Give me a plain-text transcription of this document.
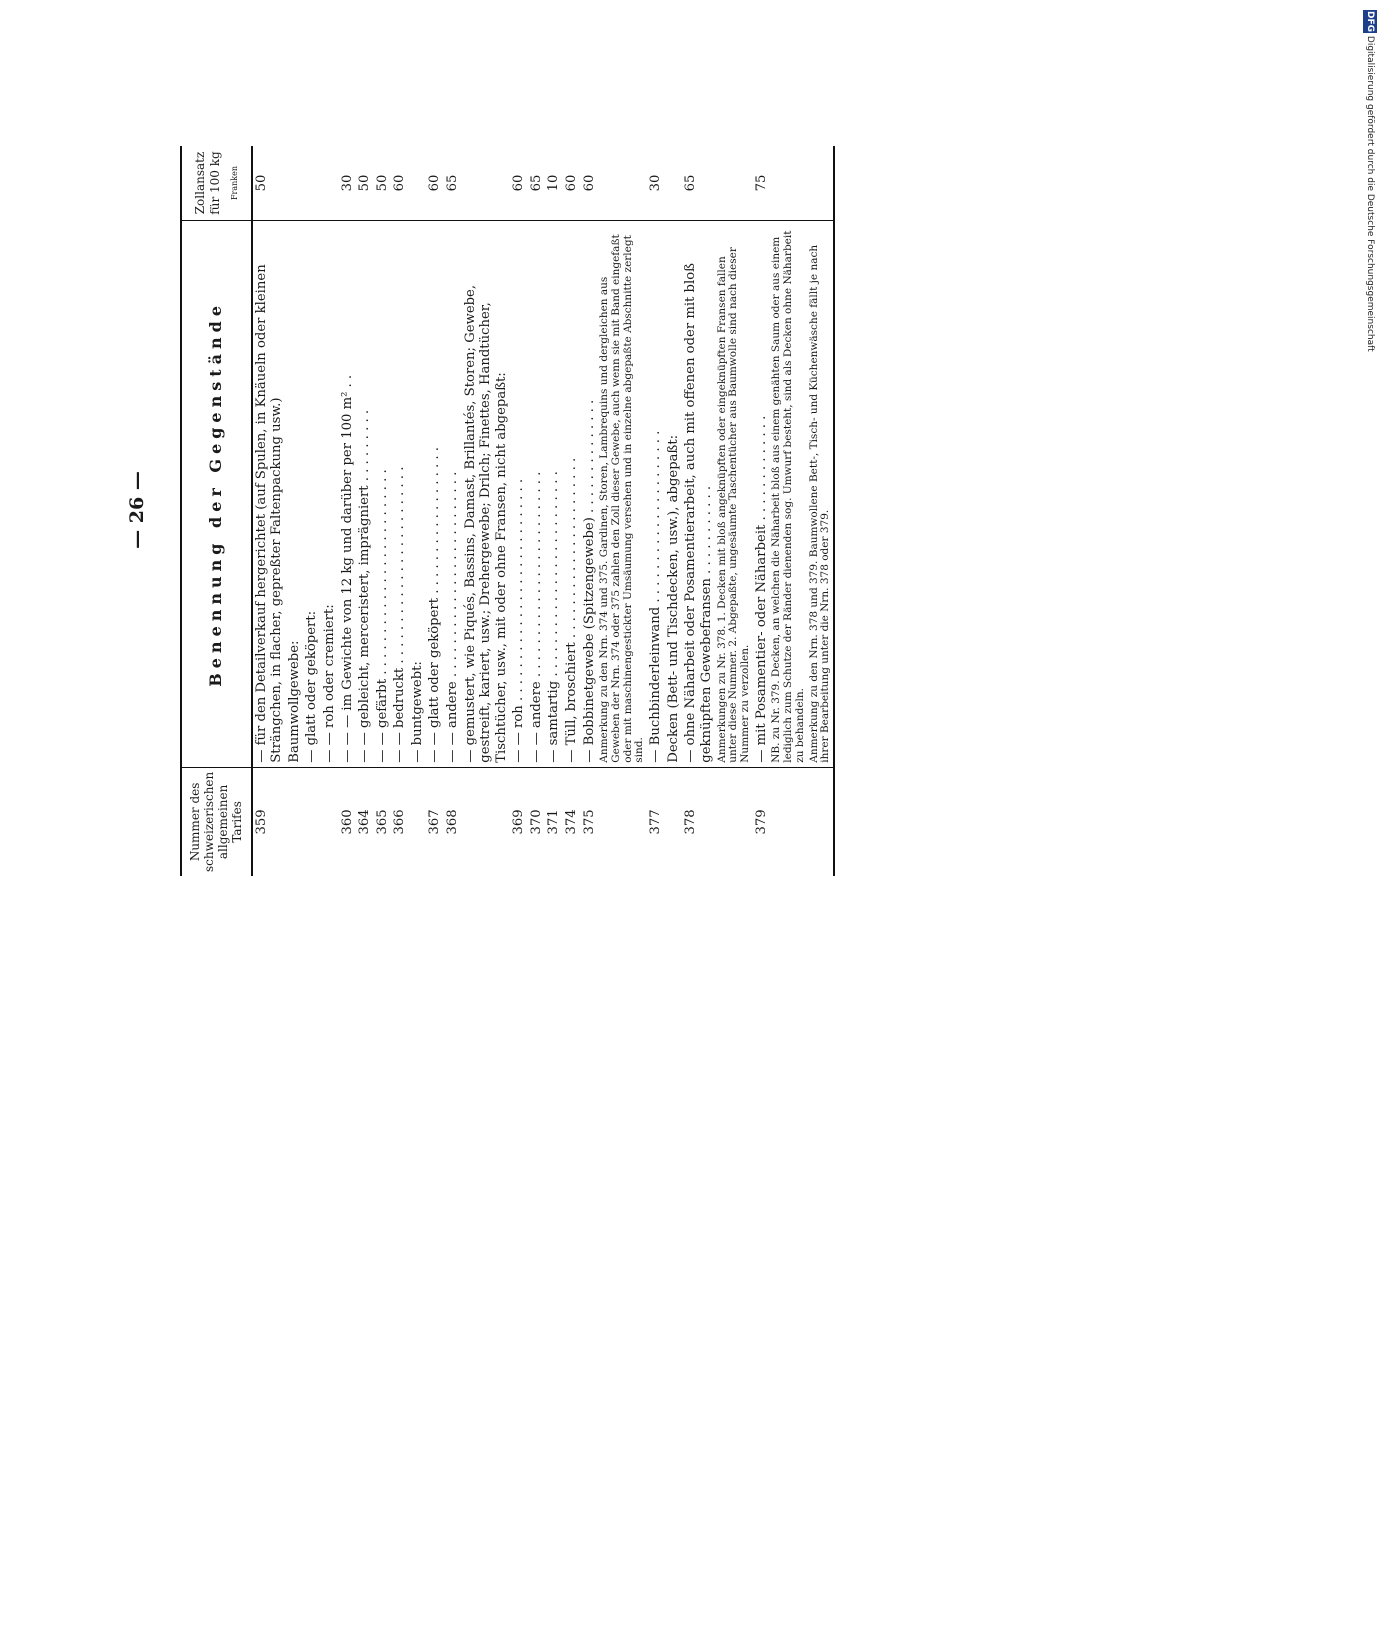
— 26 —
Nummer des schweizerischen allgemeinen Tarifes	Benennung der Gegenstände	Zollansatz für 100 kg Franken

359	— für den Detailverkauf hergerichtet (auf Spulen, in Knäueln oder kleinen Strängchen, in flacher, gepreßter Faltenpackung usw.)	50
	Baumwollgewebe:	
	— glatt oder geköpert:	
	— — roh oder cremiert:	
360	— — — im Gewichte von 12 kg und darüber per 100 m² . .	30
364	— — gebleicht, merceristert, imprägniert . . . . . . . . .	50
365	— — gefärbt . . . . . . . . . . . . . . . . . . . . . . . . .	50
366	— — bedruckt . . . . . . . . . . . . . . . . . . . . . . . .	60
	— buntgewebt:	
367	— — glatt oder geköpert . . . . . . . . . . . . . . . . . .	60
368	— — andere . . . . . . . . . . . . . . . . . . . . . . . . .	65
	— gemustert, wie Piqués, Bassins, Damast, Brillantés, Storen; Gewebe, gestreift, kariert, usw.; Drehergewebe; Drilch; Finettes, Handtücher, Tischtücher, usw., mit oder ohne Fransen, nicht abgepaßt:	
369	— — roh . . . . . . . . . . . . . . . . . . . . . . . . . . .	60
370	— — andere . . . . . . . . . . . . . . . . . . . . . . . . .	65
371	— samtartig . . . . . . . . . . . . . . . . . . . . . . . . .	10
374	— Tüll, broschiert . . . . . . . . . . . . . . . . . . . . . .	60
375	— Bobbinetgewebe (Spitzengewebe) . . . . . . . . . . . . . .	60
	Anmerkung zu den Nrn. 374 und 375. Gardinen, Storen, Lambrequins und dergleichen aus Geweben der Nrn. 374 oder 375 zahlen den Zoll dieser Gewebe, auch wenn sie mit Band eingefaßt oder mit maschinengestickter Umsäumung versehen und in einzelne abgepaßte Abschnitte zerlegt sind.	
377	— Buchbinderleinwand . . . . . . . . . . . . . . . . . . . . .	30
	Decken (Bett- und Tischdecken, usw.), abgepaßt:	
378	— ohne Näharbeit oder Posamentierarbeit, auch mit offenen oder mit bloß geknüpften Gewebefransen . . . . . . . . . . .	65
	Anmerkungen zu Nr. 378. 1. Decken mit bloß angeknüpften oder eingeknüpften Fransen fallen unter diese Nummer. 2. Abgepaßte, ungesäumte Taschentücher aus Baumwolle sind nach dieser Nummer zu verzollen.	
379	— mit Posamentier- oder Näharbeit . . . . . . . . . . . . .	75
	NB. zu Nr. 379. Decken, an welchen die Näharbeit bloß aus einem genähten Saum oder aus einem lediglich zum Schutze der Ränder dienenden sog. Umwurf besteht, sind als Decken ohne Näharbeit zu behandeln.	
	Anmerkung zu den Nrn. 378 und 379. Baumwollene Bett-, Tisch- und Küchenwäsche fällt je nach ihrer Bearbeitung unter die Nrn. 378 oder 379.	
DFG Digitalisierung gefördert durch die Deutsche Forschungsgemeinschaft
